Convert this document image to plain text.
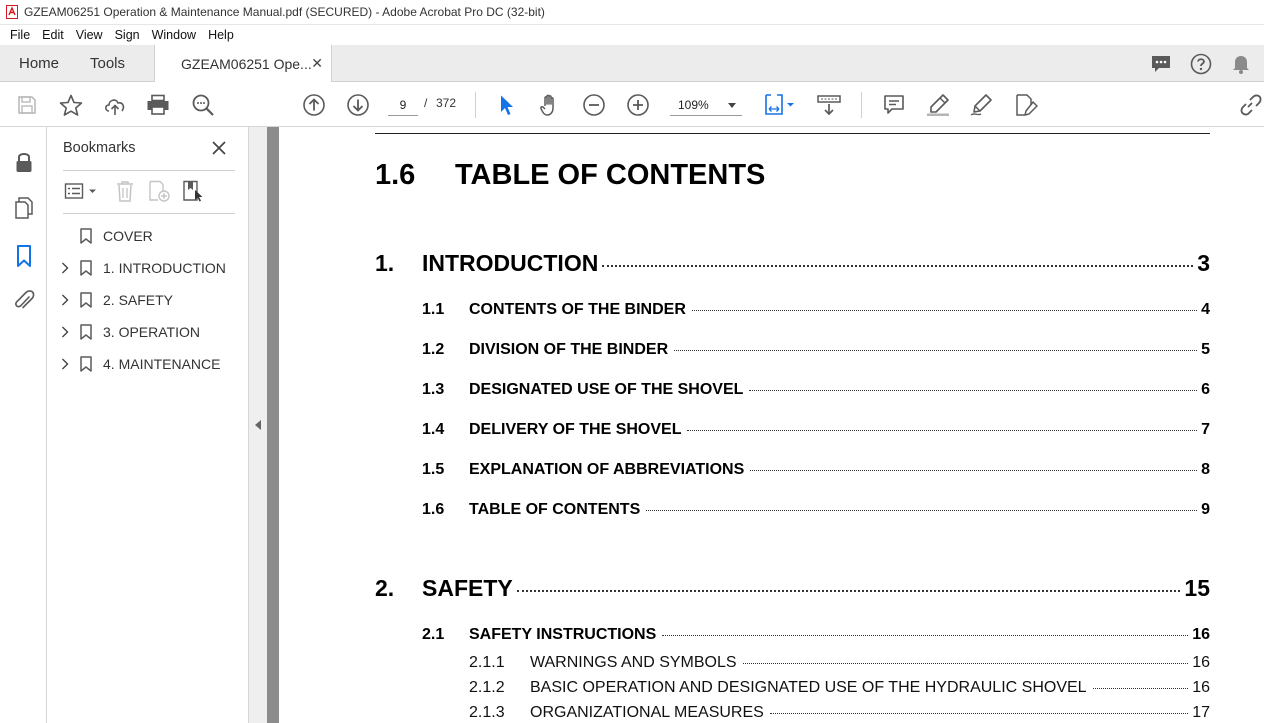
GZEAM06251 Operation & Maintenance Manual.pdf (SECURED) - Adobe Acrobat Pro DC (32-bit)
File Edit View Sign Window Help
Home	Tools	GZEAM06251 Ope... ✕
9	/ 372	109%
Bookmarks
COVER
1. INTRODUCTION
2. SAFETY
3. OPERATION
4. MAINTENANCE
1.6 TABLE OF CONTENTS
1.	INTRODUCTION	3
1.1	CONTENTS OF THE BINDER	4
1.2	DIVISION OF THE BINDER	5
1.3	DESIGNATED USE OF THE SHOVEL	6
1.4	DELIVERY OF THE SHOVEL	7
1.5	EXPLANATION OF ABBREVIATIONS	8
1.6	TABLE OF CONTENTS	9
2.	SAFETY	15
2.1	SAFETY INSTRUCTIONS	16
2.1.1	WARNINGS AND SYMBOLS	16
2.1.2	BASIC OPERATION AND DESIGNATED USE OF THE HYDRAULIC SHOVEL	16
2.1.3	ORGANIZATIONAL MEASURES	17
